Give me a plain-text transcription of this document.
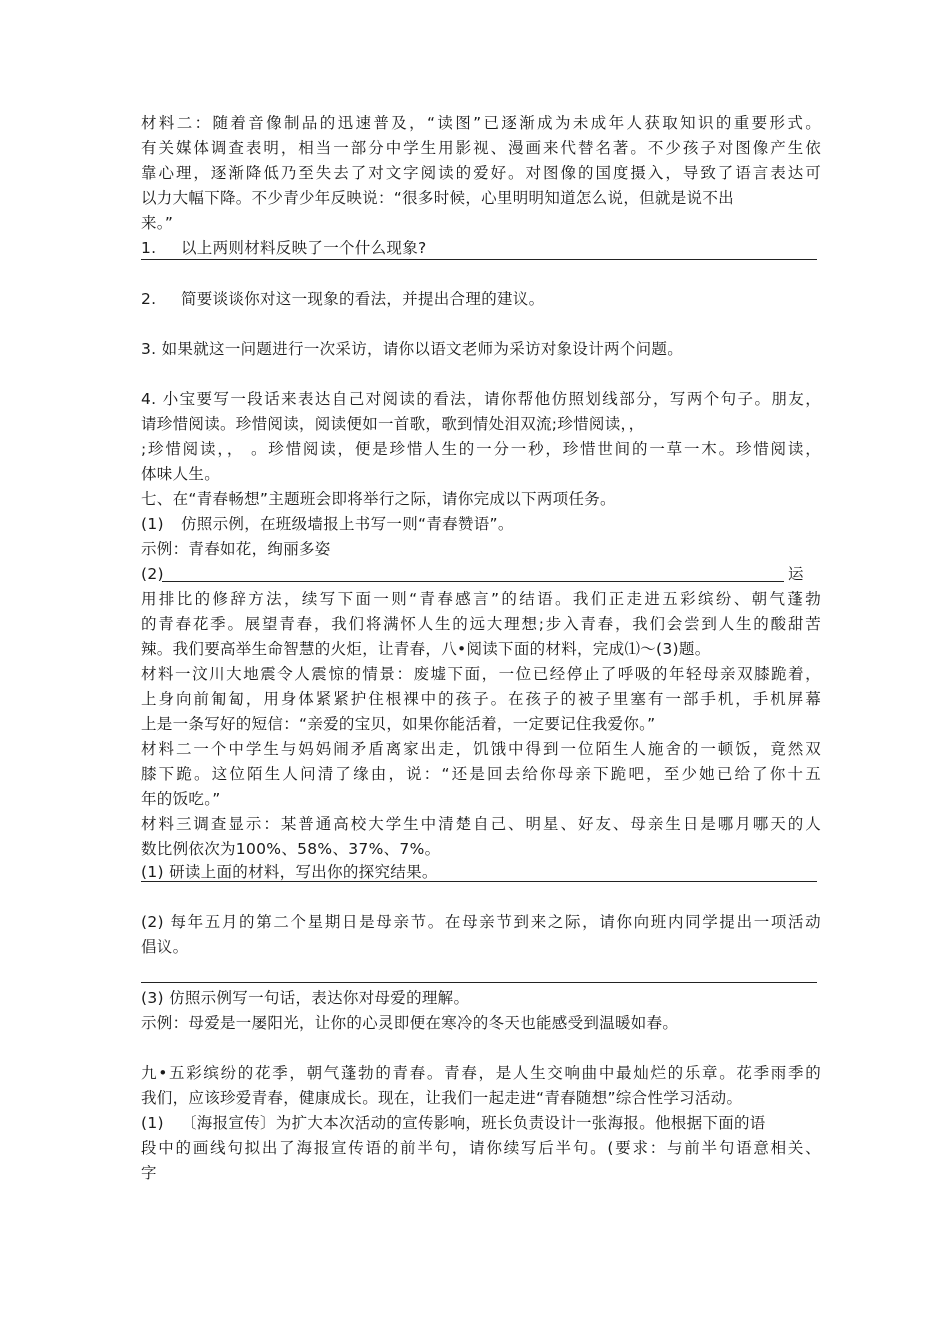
材料二：随着音像制品的迅速普及，“读图”已逐渐成为未成年人获取知识的重要形式。
有关媒体调查表明，相当一部分中学生用影视、漫画来代替名著。不少孩子对图像产生依
靠心理，逐渐降低乃至失去了对文字阅读的爱好。对图像的国度摄入，导致了语言表达可
以力大幅下降。不少青少年反映说：“很多时候，心里明明知道怎么说，但就是说不出
来。”
1. 以上两则材料反映了一个什么现象?
2. 简要谈谈你对这一现象的看法，并提出合理的建议。
3. 如果就这一问题进行一次采访，请你以语文老师为采访对象设计两个问题。
4. 小宝要写一段话来表达自己对阅读的看法，请你帮他仿照划线部分，写两个句子。朋友，
请珍惜阅读。珍惜阅读，阅读便如一首歌，歌到情处泪双流;珍惜阅读，，
;珍惜阅读，， 。珍惜阅读，便是珍惜人生的一分一秒，珍惜世间的一草一木。珍惜阅读，
体味人生。
七、在“青春畅想”主题班会即将举行之际，请你完成以下两项任务。
(1) 仿照示例，在班级墙报上书写一则“青春赞语”。
示例：青春如花，绚丽多姿
(2)	运
用排比的修辞方法，续写下面一则“青春感言”的结语。我们正走进五彩缤纷、朝气蓬勃
的青春花季。展望青春，我们将满怀人生的远大理想;步入青春，我们会尝到人生的酸甜苦
辣。我们要高举生命智慧的火炬，让青春，八•阅读下面的材料，完成⑴〜(3)题。
材料一汶川大地震令人震惊的情景：废墟下面，一位已经停止了呼吸的年轻母亲双膝跪着，
上身向前匍匐，用身体紧紧护住根裸中的孩子。在孩子的被子里塞有一部手机，手机屏幕
上是一条写好的短信：“亲爱的宝贝，如果你能活着，一定要记住我爱你。”
材料二一个中学生与妈妈闹矛盾离家出走，饥饿中得到一位陌生人施舍的一顿饭，竟然双
膝下跪。这位陌生人问清了缘由，说：“还是回去给你母亲下跪吧，至少她已给了你十五
年的饭吃。”
材料三调查显示：某普通高校大学生中清楚自己、明星、好友、母亲生日是哪月哪天的人
数比例依次为100%、58%、37%、7%。
(1) 研读上面的材料，写出你的探究结果。
(2) 每年五月的第二个星期日是母亲节。在母亲节到来之际，请你向班内同学提出一项活动
倡议。
(3) 仿照示例写一句话，表达你对母爱的理解。
示例：母爱是一屡阳光，让你的心灵即便在寒冷的冬天也能感受到温暖如春。
九•五彩缤纷的花季，朝气蓬勃的青春。青春，是人生交响曲中最灿烂的乐章。花季雨季的
我们，应该珍爱青春，健康成长。现在，让我们一起走进“青春随想”综合性学习活动。
(1) 〔海报宣传〕为扩大本次活动的宣传影响，班长负责设计一张海报。他根据下面的语
段中的画线句拟出了海报宣传语的前半句，请你续写后半句。(要求：与前半句语意相关、
字
